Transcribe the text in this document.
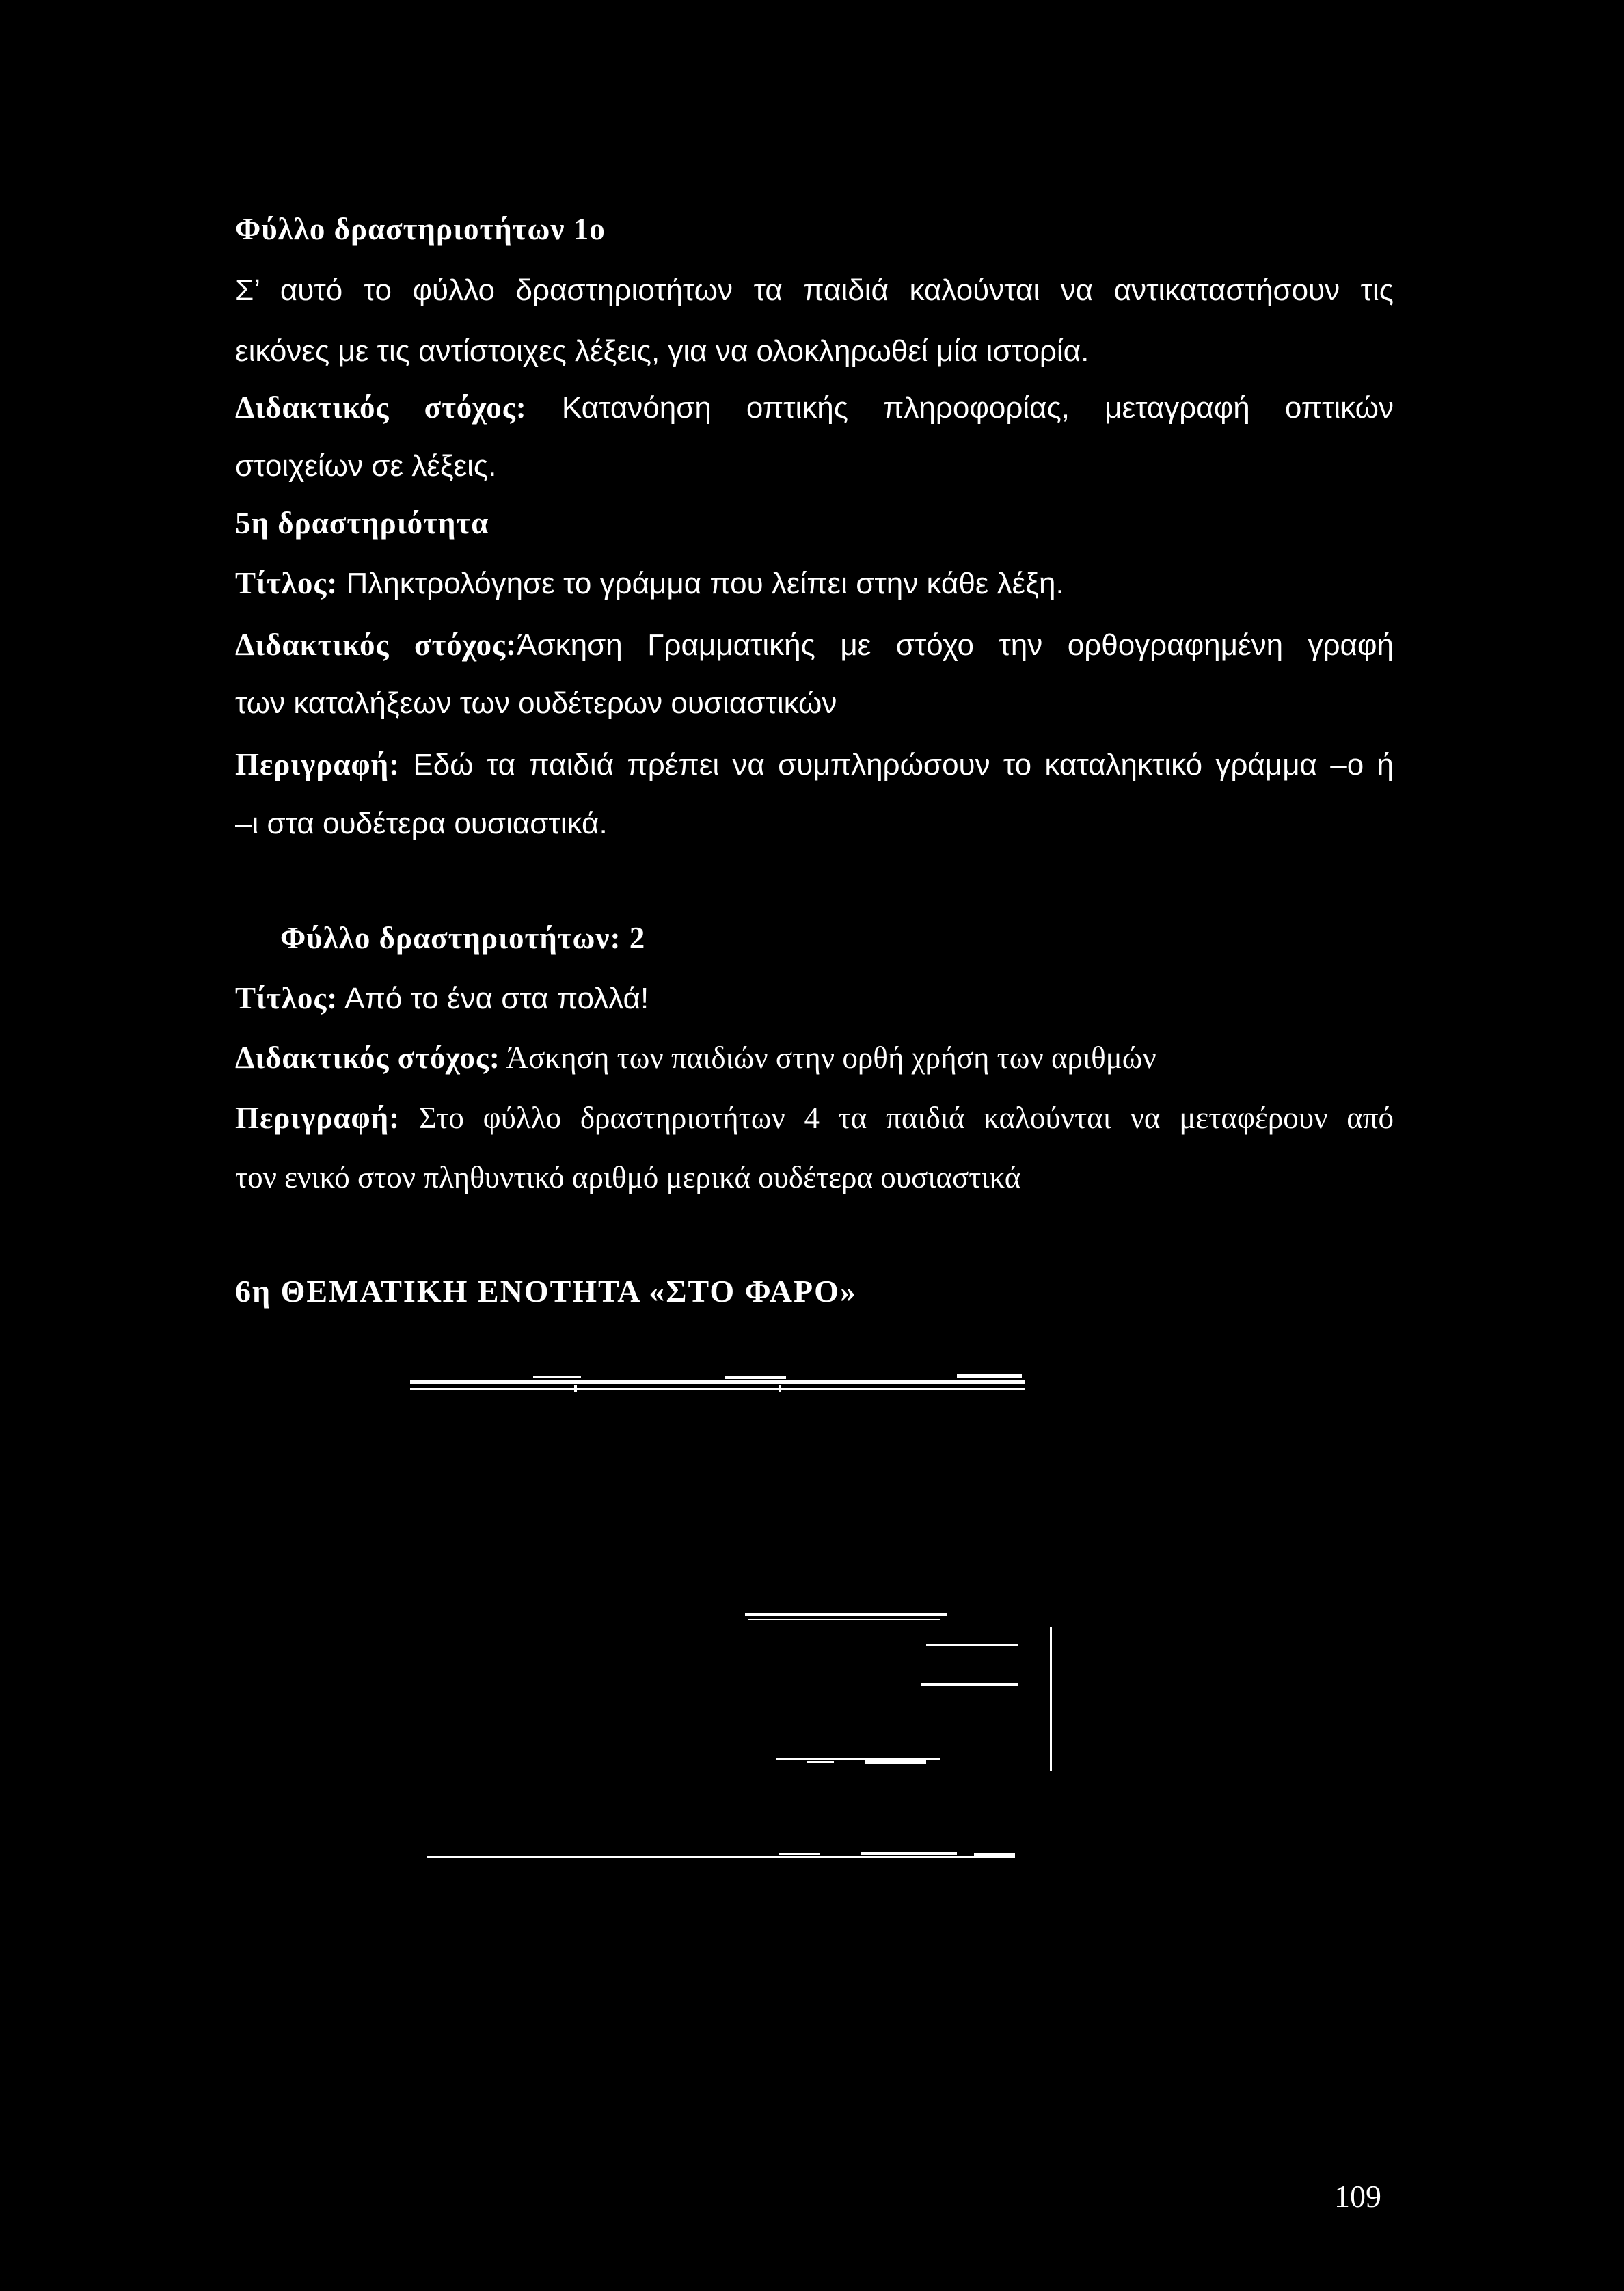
Φύλλο δραστηριοτήτων 1ο

Σ’ αυτό το φύλλο δραστηριοτήτων τα παιδιά καλούνται να αντικαταστήσουν τις

εικόνες με τις αντίστοιχες λέξεις, για να ολοκληρωθεί μία ιστορία.

Διδακτικός στόχος: Κατανόηση οπτικής πληροφορίας, μεταγραφή οπτικών

στοιχείων σε λέξεις.

5η δραστηριότητα

Τίτλος: Πληκτρολόγησε το γράμμα που λείπει στην κάθε λέξη.

Διδακτικός στόχος:Άσκηση Γραμματικής με στόχο την ορθογραφημένη γραφή

των καταλήξεων των ουδέτερων ουσιαστικών

Περιγραφή: Εδώ τα παιδιά πρέπει να συμπληρώσουν το καταληκτικό γράμμα –ο ή

–ι στα ουδέτερα ουσιαστικά.

Φύλλο δραστηριοτήτων: 2

Τίτλος: Από το ένα στα πολλά!

Διδακτικός στόχος: Άσκηση των παιδιών στην ορθή χρήση των αριθμών

Περιγραφή: Στο φύλλο δραστηριοτήτων 4 τα παιδιά καλούνται να μεταφέρουν από

τον ενικό στον πληθυντικό αριθμό μερικά ουδέτερα ουσιαστικά

6η ΘΕΜΑΤΙΚΗ ΕΝΟΤΗΤΑ «ΣΤΟ ΦΑΡΟ»

109
